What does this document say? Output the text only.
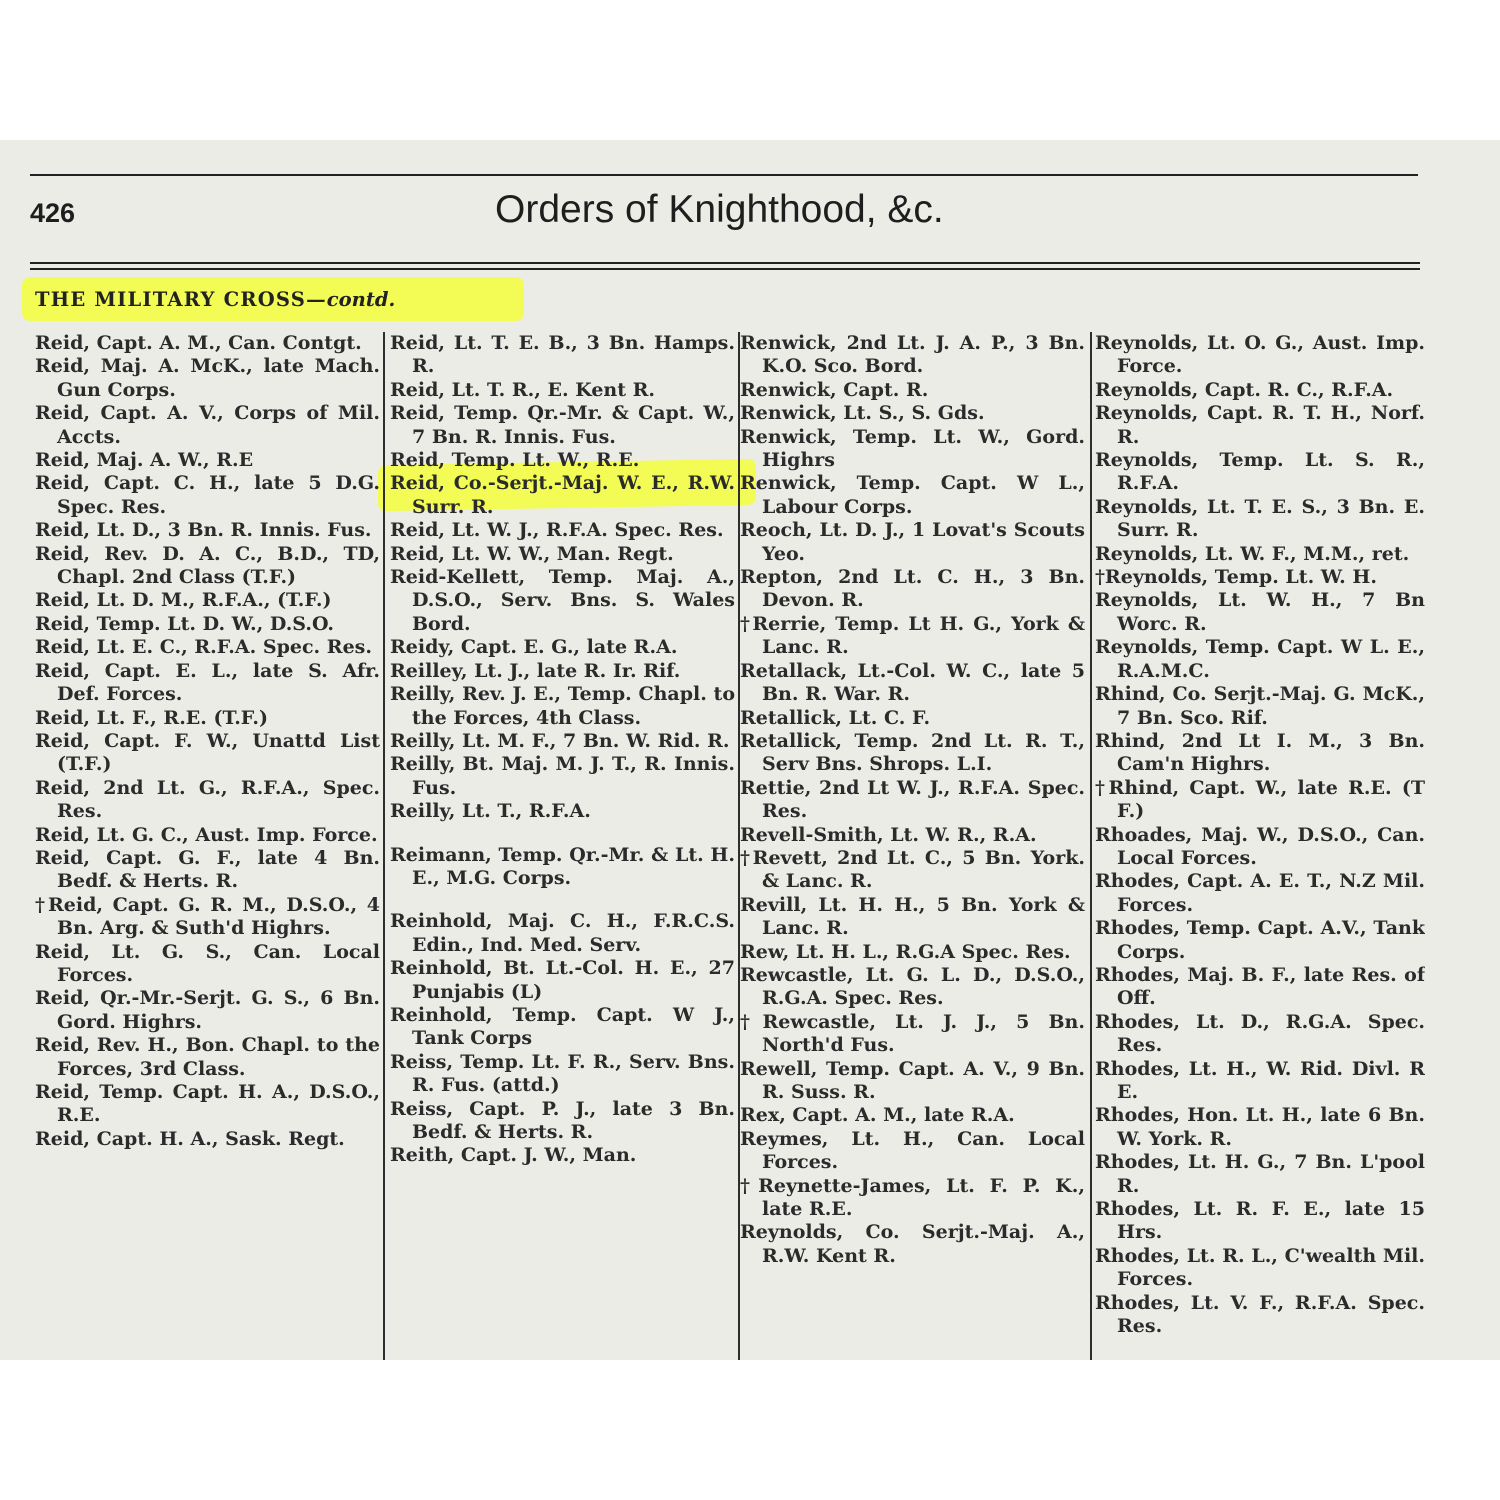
426	Orders of Knighthood, &c.
THE MILITARY CROSS—contd.
Reid, Capt. A. M., Can. Contgt.
Reid, Maj. A. McK., late Mach. Gun Corps.
Reid, Capt. A. V., Corps of Mil. Accts.
Reid, Maj. A. W., R.E
Reid, Capt. C. H., late 5 D.G. Spec. Res.
Reid, Lt. D., 3 Bn. R. Innis. Fus.
Reid, Rev. D. A. C., B.D., TD, Chapl. 2nd Class (T.F.)
Reid, Lt. D. M., R.F.A., (T.F.)
Reid, Temp. Lt. D. W., D.S.O.
Reid, Lt. E. C., R.F.A. Spec. Res.
Reid, Capt. E. L., late S. Afr. Def. Forces.
Reid, Lt. F., R.E. (T.F.)
Reid, Capt. F. W., Unattd List (T.F.)
Reid, 2nd Lt. G., R.F.A., Spec. Res.
Reid, Lt. G. C., Aust. Imp. Force.
Reid, Capt. G. F., late 4 Bn. Bedf. & Herts. R.
†Reid, Capt. G. R. M., D.S.O., 4 Bn. Arg. & Suth'd Highrs.
Reid, Lt. G. S., Can. Local Forces.
Reid, Qr.-Mr.-Serjt. G. S., 6 Bn. Gord. Highrs.
Reid, Rev. H., Bon. Chapl. to the Forces, 3rd Class.
Reid, Temp. Capt. H. A., D.S.O., R.E.
Reid, Capt. H. A., Sask. Regt.
Reid, Lt. T. E. B., 3 Bn. Hamps. R.
Reid, Lt. T. R., E. Kent R.
Reid, Temp. Qr.-Mr. & Capt. W., 7 Bn. R. Innis. Fus.
Reid, Temp. Lt. W., R.E.
Reid, Co.-Serjt.-Maj. W. E., R.W. Surr. R.
Reid, Lt. W. J., R.F.A. Spec. Res.
Reid, Lt. W. W., Man. Regt.
Reid-Kellett, Temp. Maj. A., D.S.O., Serv. Bns. S. Wales Bord.
Reidy, Capt. E. G., late R.A.
Reilley, Lt. J., late R. Ir. Rif.
Reilly, Rev. J. E., Temp. Chapl. to the Forces, 4th Class.
Reilly, Lt. M. F., 7 Bn. W. Rid. R.
Reilly, Bt. Maj. M. J. T., R. Innis. Fus.
Reilly, Lt. T., R.F.A.
Reimann, Temp. Qr.-Mr. & Lt. H. E., M.G. Corps.
Reinhold, Maj. C. H., F.R.C.S. Edin., Ind. Med. Serv.
Reinhold, Bt. Lt.-Col. H. E., 27 Punjabis (L)
Reinhold, Temp. Capt. W J., Tank Corps
Reiss, Temp. Lt. F. R., Serv. Bns. R. Fus. (attd.)
Reiss, Capt. P. J., late 3 Bn. Bedf. & Herts. R.
Reith, Capt. J. W., Man.
Renwick, 2nd Lt. J. A. P., 3 Bn. K.O. Sco. Bord.
Renwick, Capt. R.
Renwick, Lt. S., S. Gds.
Renwick, Temp. Lt. W., Gord. Highrs
Renwick, Temp. Capt. W L., Labour Corps.
Reoch, Lt. D. J., 1 Lovat's Scouts Yeo.
Repton, 2nd Lt. C. H., 3 Bn. Devon. R.
†Rerrie, Temp. Lt H. G., York & Lanc. R.
Retallack, Lt.-Col. W. C., late 5 Bn. R. War. R.
Retallick, Lt. C. F.
Retallick, Temp. 2nd Lt. R. T., Serv Bns. Shrops. L.I.
Rettie, 2nd Lt W. J., R.F.A. Spec. Res.
Revell-Smith, Lt. W. R., R.A.
†Revett, 2nd Lt. C., 5 Bn. York. & Lanc. R.
Revill, Lt. H. H., 5 Bn. York & Lanc. R.
Rew, Lt. H. L., R.G.A Spec. Res.
Rewcastle, Lt. G. L. D., D.S.O., R.G.A. Spec. Res.
†Rewcastle, Lt. J. J., 5 Bn. North'd Fus.
Rewell, Temp. Capt. A. V., 9 Bn. R. Suss. R.
Rex, Capt. A. M., late R.A.
Reymes, Lt. H., Can. Local Forces.
†Reynette-James, Lt. F. P. K., late R.E.
Reynolds, Co. Serjt.-Maj. A., R.W. Kent R.
Reynolds, Lt. O. G., Aust. Imp. Force.
Reynolds, Capt. R. C., R.F.A.
Reynolds, Capt. R. T. H., Norf. R.
Reynolds, Temp. Lt. S. R., R.F.A.
Reynolds, Lt. T. E. S., 3 Bn. E. Surr. R.
Reynolds, Lt. W. F., M.M., ret.
†Reynolds, Temp. Lt. W. H.
Reynolds, Lt. W. H., 7 Bn Worc. R.
Reynolds, Temp. Capt. W L. E., R.A.M.C.
Rhind, Co. Serjt.-Maj. G. McK., 7 Bn. Sco. Rif.
Rhind, 2nd Lt I. M., 3 Bn. Cam'n Highrs.
†Rhind, Capt. W., late R.E. (T F.)
Rhoades, Maj. W., D.S.O., Can. Local Forces.
Rhodes, Capt. A. E. T., N.Z Mil. Forces.
Rhodes, Temp. Capt. A.V., Tank Corps.
Rhodes, Maj. B. F., late Res. of Off.
Rhodes, Lt. D., R.G.A. Spec. Res.
Rhodes, Lt. H., W. Rid. Divl. R E.
Rhodes, Hon. Lt. H., late 6 Bn. W. York. R.
Rhodes, Lt. H. G., 7 Bn. L'pool R.
Rhodes, Lt. R. F. E., late 15 Hrs.
Rhodes, Lt. R. L., C'wealth Mil. Forces.
Rhodes, Lt. V. F., R.F.A. Spec. Res.
